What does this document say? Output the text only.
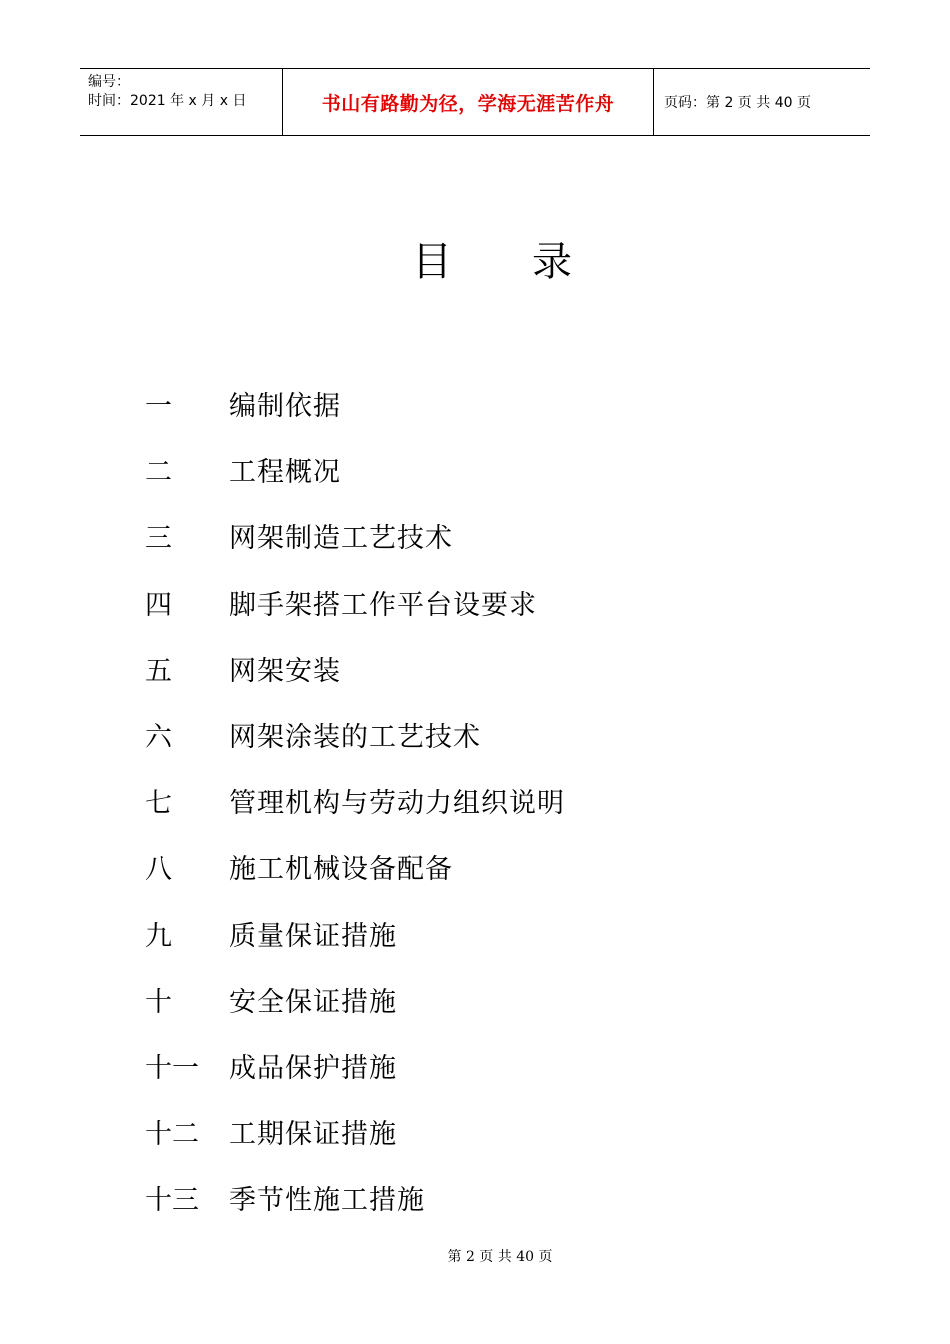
编号：
时间：2021 年 x 月 x 日	书山有路勤为径，学海无涯苦作舟	页码：第 2 页 共 40 页
目 录
一 编制依据
二 工程概况
三 网架制造工艺技术
四 脚手架搭工作平台设要求
五 网架安装
六 网架涂装的工艺技术
七 管理机构与劳动力组织说明
八 施工机械设备配备
九 质量保证措施
十 安全保证措施
十一 成品保护措施
十二 工期保证措施
十三 季节性施工措施
第 2 页 共 40 页
